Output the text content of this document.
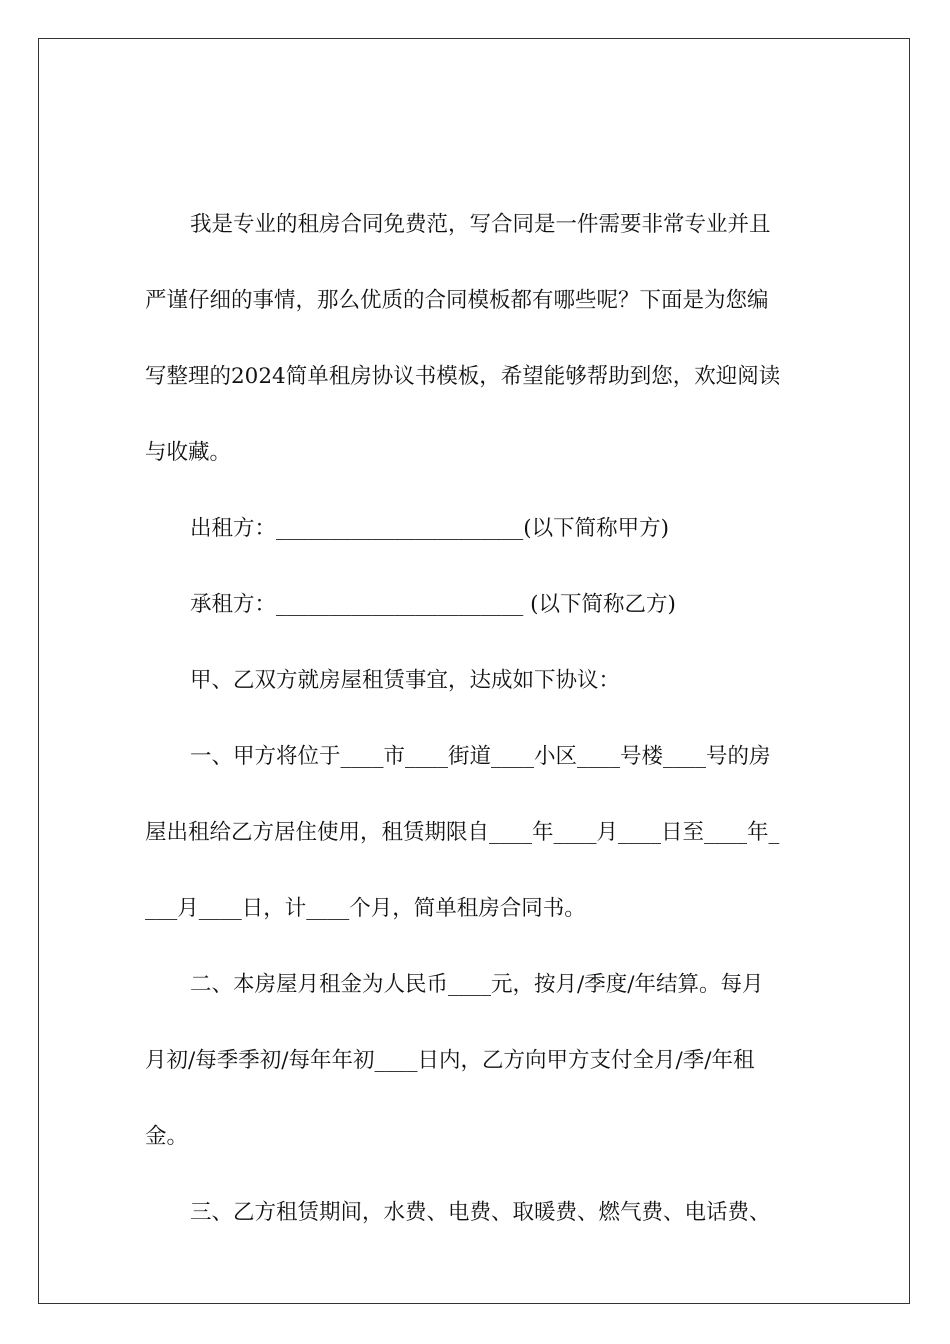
我是专业的租房合同免费范，写合同是一件需要非常专业并且
严谨仔细的事情，那么优质的合同模板都有哪些呢？下面是为您编
写整理的2024简单租房协议书模板，希望能够帮助到您，欢迎阅读
与收藏。
出租方：_______________________(以下简称甲方)
承租方：_______________________ (以下简称乙方)
甲、乙双方就房屋租赁事宜，达成如下协议：
一、甲方将位于____市____街道____小区____号楼____号的房
屋出租给乙方居住使用，租赁期限自____年____月____日至____年_
___月____日，计____个月，简单租房合同书。
二、本房屋月租金为人民币____元，按月/季度/年结算。每月
月初/每季季初/每年年初____日内，乙方向甲方支付全月/季/年租
金。
三、乙方租赁期间，水费、电费、取暖费、燃气费、电话费、
